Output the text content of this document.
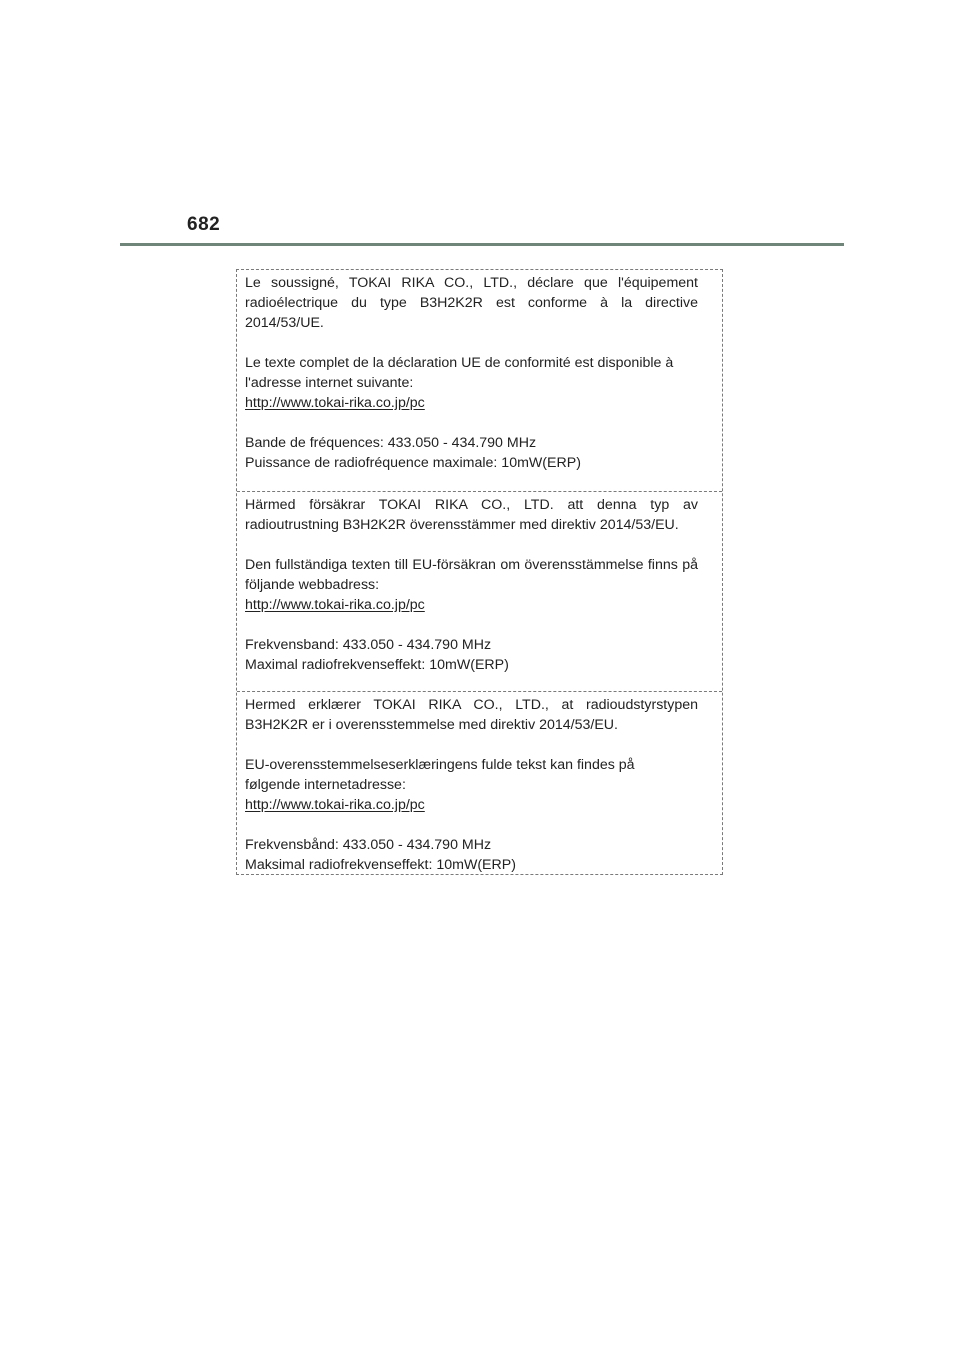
682

Le soussigné, TOKAI RIKA CO., LTD., déclare que l'équipement radioélectrique du type B3H2K2R est conforme à la directive 2014/53/UE.

Le texte complet de la déclaration UE de conformité est disponible à l'adresse internet suivante:

http://www.tokai-rika.co.jp/pc

Bande de fréquences: 433.050 - 434.790 MHz

Puissance de radiofréquence maximale: 10mW(ERP)

Härmed försäkrar TOKAI RIKA CO., LTD. att denna typ av radioutrustning B3H2K2R överensstämmer med direktiv 2014/53/EU.

Den fullständiga texten till EU-försäkran om överensstämmelse finns på följande webbadress:

http://www.tokai-rika.co.jp/pc

Frekvensband: 433.050 - 434.790 MHz

Maximal radiofrekvenseffekt: 10mW(ERP)

Hermed erklærer TOKAI RIKA CO., LTD., at radioudstyrstypen B3H2K2R er i overensstemmelse med direktiv 2014/53/EU.

EU-overensstemmelseserklæringens fulde tekst kan findes på
følgende internetadresse:

http://www.tokai-rika.co.jp/pc

Frekvensbånd: 433.050 - 434.790 MHz

Maksimal radiofrekvenseffekt: 10mW(ERP)
